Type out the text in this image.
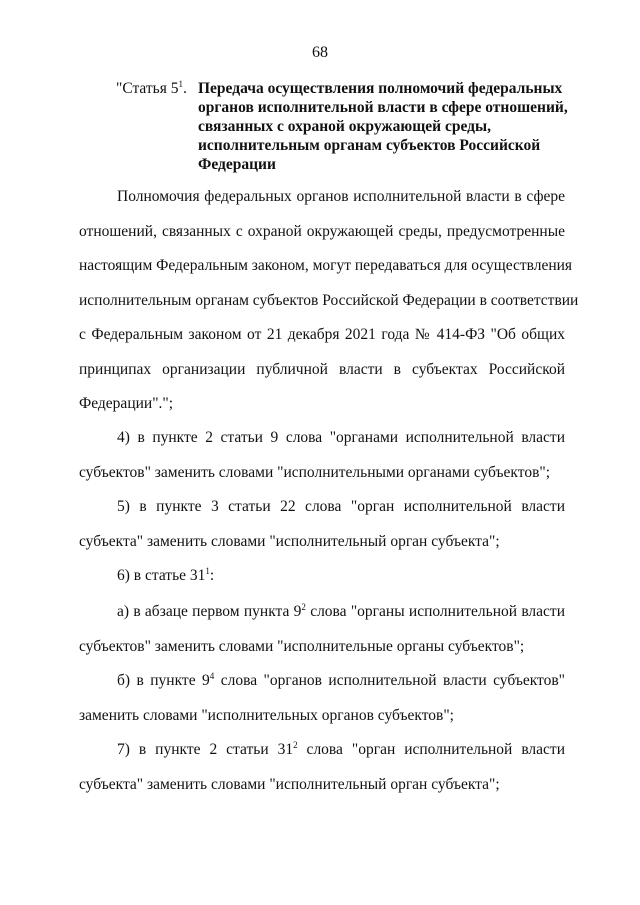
68
"Статья $5^1$. Передача осуществления полномочий федеральных органов исполнительной власти в сфере отношений, связанных с охраной окружающей среды, исполнительным органам субъектов Российской Федерации
Полномочия федеральных органов исполнительной власти в сфере
отношений, связанных с охраной окружающей среды, предусмотренные
настоящим Федеральным законом, могут передаваться для осуществления
исполнительным органам субъектов Российской Федерации в соответствии
с Федеральным законом от 21 декабря 2021 года № 414-ФЗ "Об общих
принципах организации публичной власти в субъектах Российской
Федерации".";
4) в пункте 2 статьи 9 слова "органами исполнительной власти
субъектов" заменить словами "исполнительными органами субъектов";
5) в пункте 3 статьи 22 слова "орган исполнительной власти
субъекта" заменить словами "исполнительный орган субъекта";
6) в статье $31^1$:
а) в абзаце первом пункта $9^2$ слова "органы исполнительной власти
субъектов" заменить словами "исполнительные органы субъектов";
б) в пункте $9^4$ слова "органов исполнительной власти субъектов"
заменить словами "исполнительных органов субъектов";
7) в пункте 2 статьи $31^2$ слова "орган исполнительной власти
субъекта" заменить словами "исполнительный орган субъекта";
